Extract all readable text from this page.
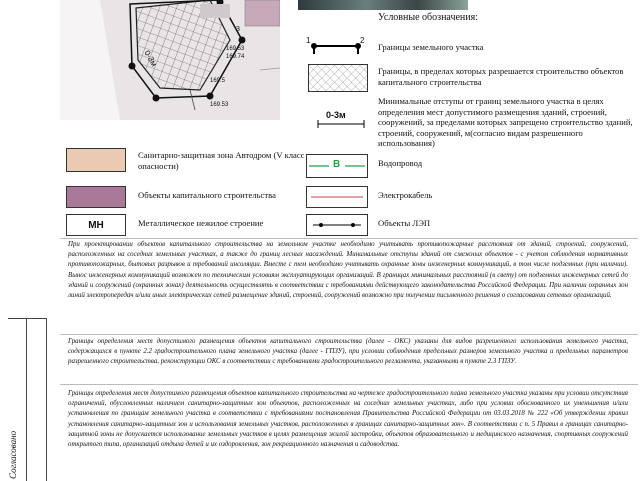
0-3м
3
169.53
169.74
169.5
169.53
Условные обозначения:
1	2
Границы земельного участка
Границы, в пределах которых разрешается строительство объектов капитального строительства
0-3м
Минимальные отступы от границ земельного участка в целях определения мест допустимого размещения зданий, строений, сооружений, за пределами которых запрещено строительство зданий, строений, сооружений, м(согласно видам разрешенного использования)
Санитарно-защитная зона Автодром (V класс опасности)	В	Водопровод
Объекты капитального строительства	Электрокабель
МН	Металлическое нежилое строение	Объекты ЛЭП
При проектировании объектов капитального строительства на земельном участке необходимо учитывать противопожарные расстояния от зданий, строений, сооружений, расположенных на соседних земельных участках, а также до границ лесных насаждений. Минимальные отступы зданий от смежных объектов - с учетом соблюдения нормативных противопожарных, бытовых разрывов и требований инсоляции. Вместе с тем необходимо учитывать охранные зоны инженерных коммуникаций, в том числе подземных (при наличии). Вынос инженерных коммуникаций возможен по техническим условиям эксплуатирующих организаций. В границах минимальных расстояний (в свету) от подземных инженерных сетей до зданий и сооружений (охранных зонах) деятельность осуществлять в соответствии с требованиями действующего законодательства Российской Федерации. При наличии охранных зон линий электропередач и/или иных электрических сетей размещение зданий, строений, сооружений возможно при получении письменного решения о согласовании сетевых организаций.
Границы определения мест допустимого размещения объектов капитального строительства (далее - ОКС) указаны для видов разрешенного использования земельного участка, содержащихся в пункте 2.2 градостроительного плана земельного участка (далее - ГПЗУ), при условии соблюдения предельных размеров земельного участка и предельных параметров разрешенного строительства, реконструкции ОКС в соответствии с требованиями градостроительного регламента, указанными в пункте 2.3 ГПЗУ.
Границы определения мест допустимого размещения объектов капитального строительства на чертеже градостроительного плана земельного участка указаны при условии отсутствия ограничений, обусловленных наличием санитарно-защитных зон объектов, расположенных на соседних земельных участках, либо при условии обоснованного их уменьшения и/или установления по границам земельного участка в соответствии с требованиями постановления Правительства Российской Федерации от 03.03.2018 № 222 «Об утверждении правил установления санитарно-защитных зон и использования земельных участков, расположенных в границах санитарно-защитных зон». В соответствии с п. 5 Правил в границах санитарно-защитной зоны не допускается использование земельных участков в целях размещения жилой застройки, объектов образовательного и медицинского назначения, спортивных сооружений открытого типа, организаций отдыха детей и их оздоровления, зон рекреационного назначения и садоводства.
Согласовано
